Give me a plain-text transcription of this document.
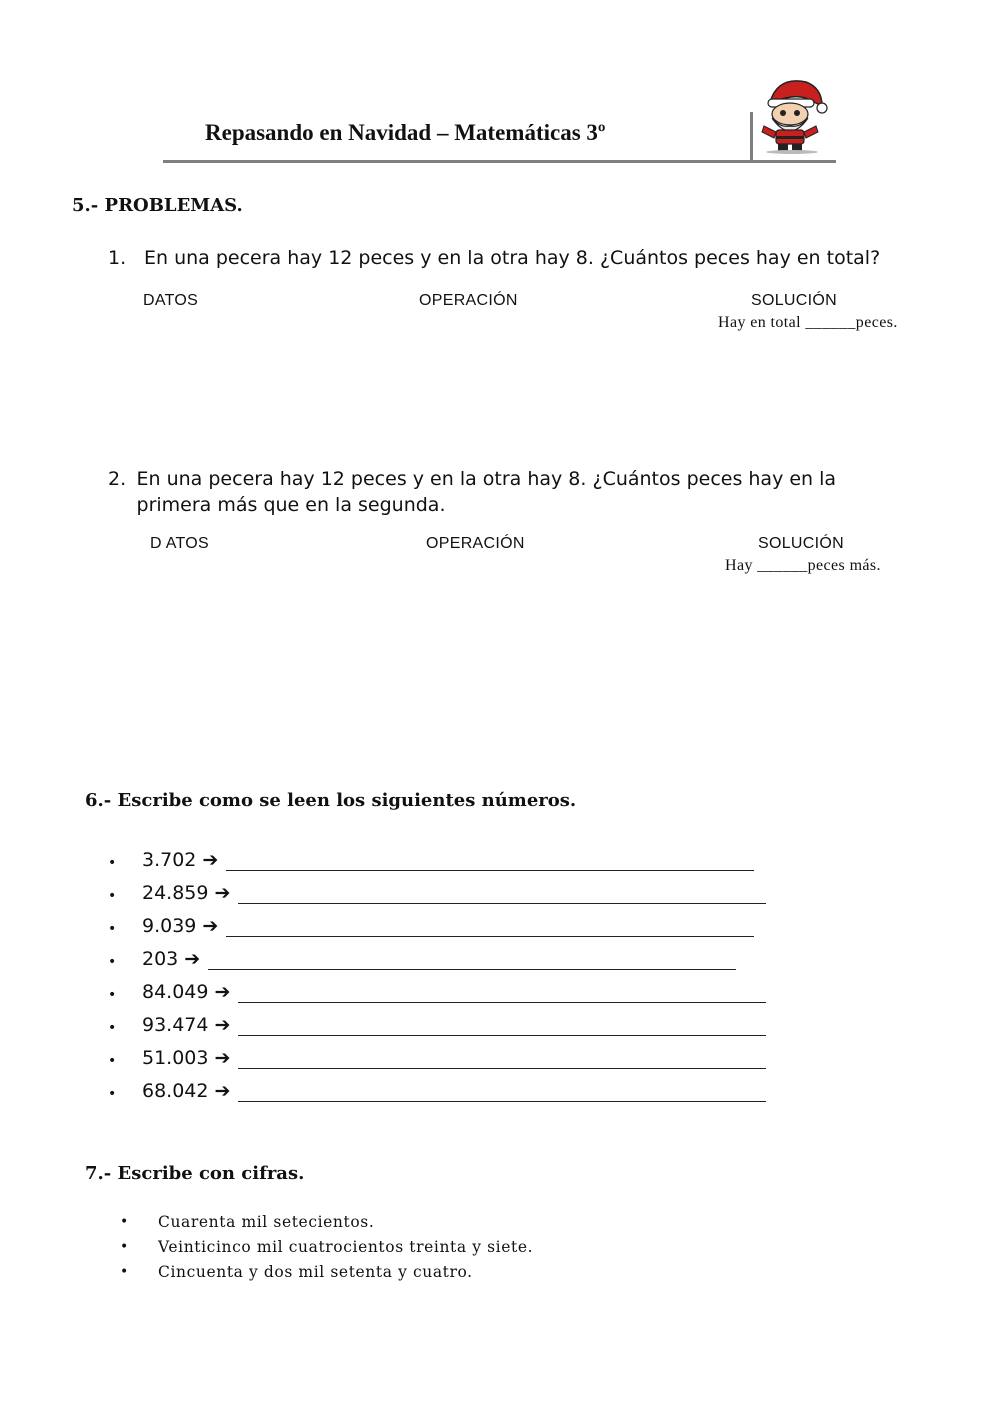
Repasando en Navidad – Matemáticas 3º
5.- PROBLEMAS.
1. En una pecera hay 12 peces y en la otra hay 8. ¿Cuántos peces hay en total?
DATOS	OPERACIÓN	SOLUCIÓN
Hay en total ______peces.
2. En una pecera hay 12 peces y en la otra hay 8. ¿Cuántos peces hay en la primera más que en la segunda.
D ATOS	OPERACIÓN	SOLUCIÓN
Hay ______peces más.
6.- Escribe como se leen los siguientes números.
•	3.702 ➔
•	24.859 ➔
•	9.039 ➔
•	203 ➔
•	84.049 ➔
•	93.474 ➔
•	51.003 ➔
•	68.042 ➔
7.- Escribe con cifras.
•	Cuarenta mil setecientos.
•	Veinticinco mil cuatrocientos treinta y siete.
•	Cincuenta y dos mil setenta y cuatro.
